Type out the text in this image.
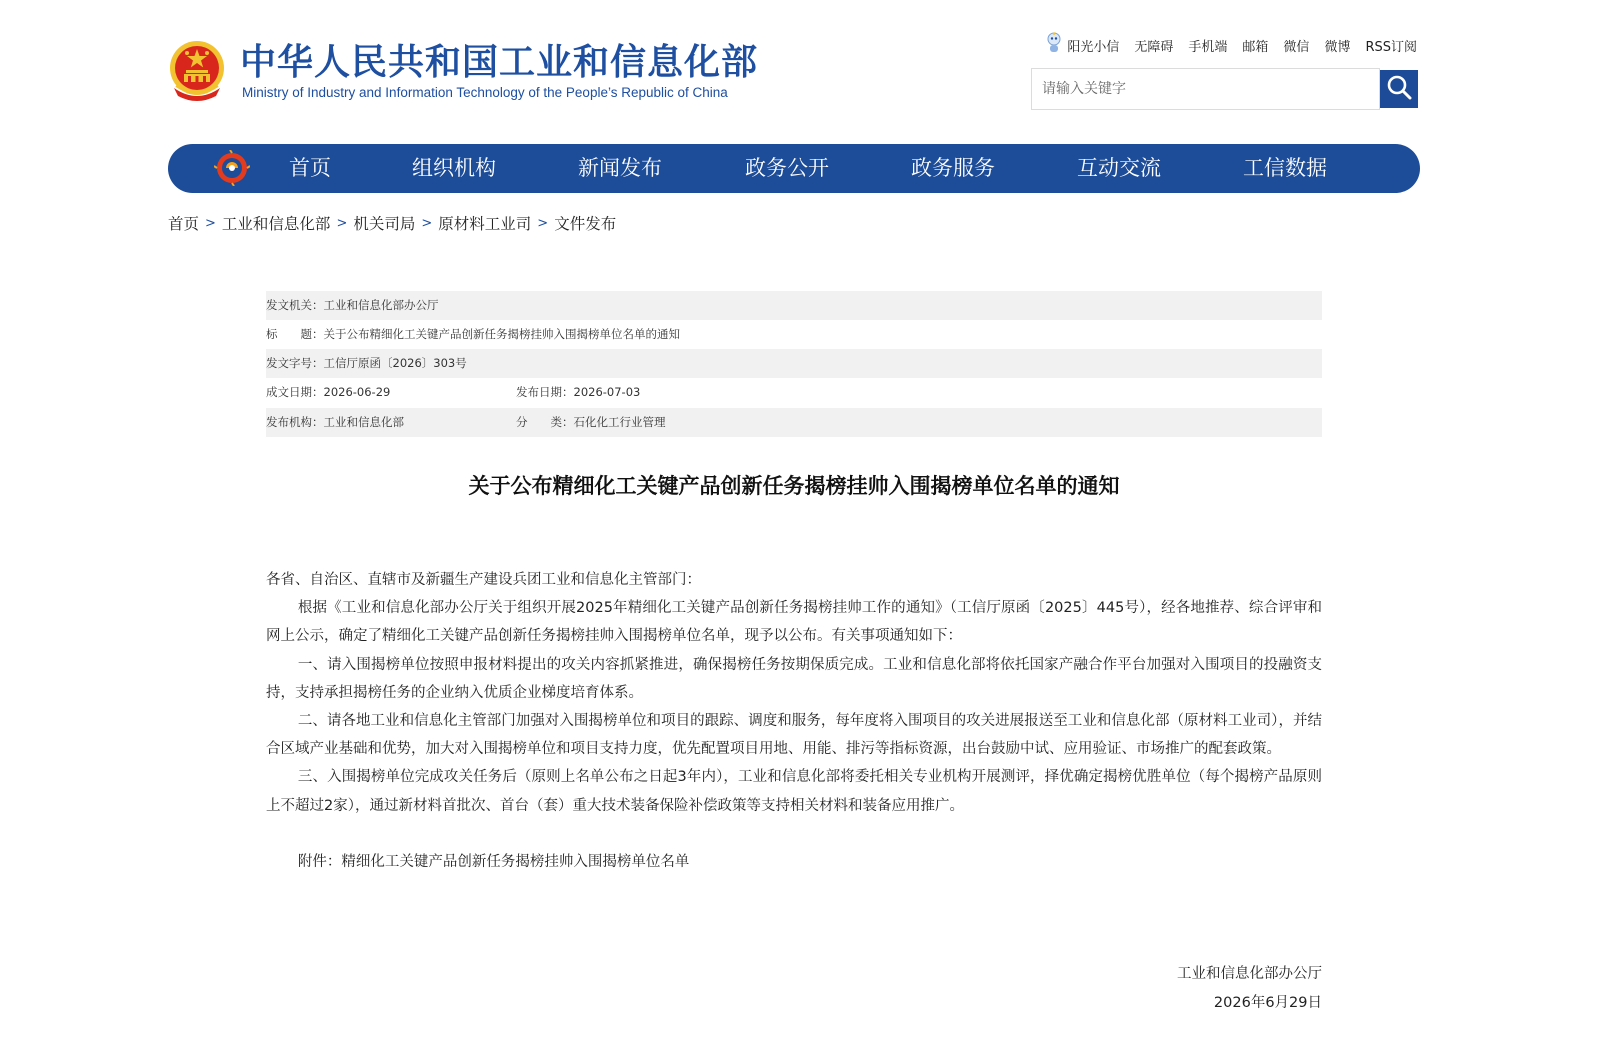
中华人民共和国工业和信息化部
Ministry of Industry and Information Technology of the People’s Republic of China
阳光小信 无障碍 手机端 邮箱 微信 微博 RSS订阅
请输入关键字
首页	组织机构	新闻发布	政务公开	政务服务	互动交流	工信数据
首页 > 工业和信息化部 > 机关司局 > 原材料工业司 > 文件发布
发文机关：工业和信息化部办公厅
标　　题：关于公布精细化工关键产品创新任务揭榜挂帅入围揭榜单位名单的通知
发文字号：工信厅原函〔2026〕303号
成文日期：2026-06-29	发布日期：2026-07-03
发布机构：工业和信息化部	分　　类：石化化工行业管理
关于公布精细化工关键产品创新任务揭榜挂帅入围揭榜单位名单的通知

各省、自治区、直辖市及新疆生产建设兵团工业和信息化主管部门：

根据《工业和信息化部办公厅关于组织开展2025年精细化工关键产品创新任务揭榜挂帅工作的通知》（工信厅原函〔2025〕445号），经各地推荐、综合评审和网上公示，确定了精细化工关键产品创新任务揭榜挂帅入围揭榜单位名单，现予以公布。有关事项通知如下：

一、请入围揭榜单位按照申报材料提出的攻关内容抓紧推进，确保揭榜任务按期保质完成。工业和信息化部将依托国家产融合作平台加强对入围项目的投融资支持，支持承担揭榜任务的企业纳入优质企业梯度培育体系。

二、请各地工业和信息化主管部门加强对入围揭榜单位和项目的跟踪、调度和服务，每年度将入围项目的攻关进展报送至工业和信息化部（原材料工业司），并结合区域产业基础和优势，加大对入围揭榜单位和项目支持力度，优先配置项目用地、用能、排污等指标资源，出台鼓励中试、应用验证、市场推广的配套政策。

三、入围揭榜单位完成攻关任务后（原则上名单公布之日起3年内），工业和信息化部将委托相关专业机构开展测评，择优确定揭榜优胜单位（每个揭榜产品原则上不超过2家），通过新材料首批次、首台（套）重大技术装备保险补偿政策等支持相关材料和装备应用推广。

附件：精细化工关键产品创新任务揭榜挂帅入围揭榜单位名单

工业和信息化部办公厅
2026年6月29日
